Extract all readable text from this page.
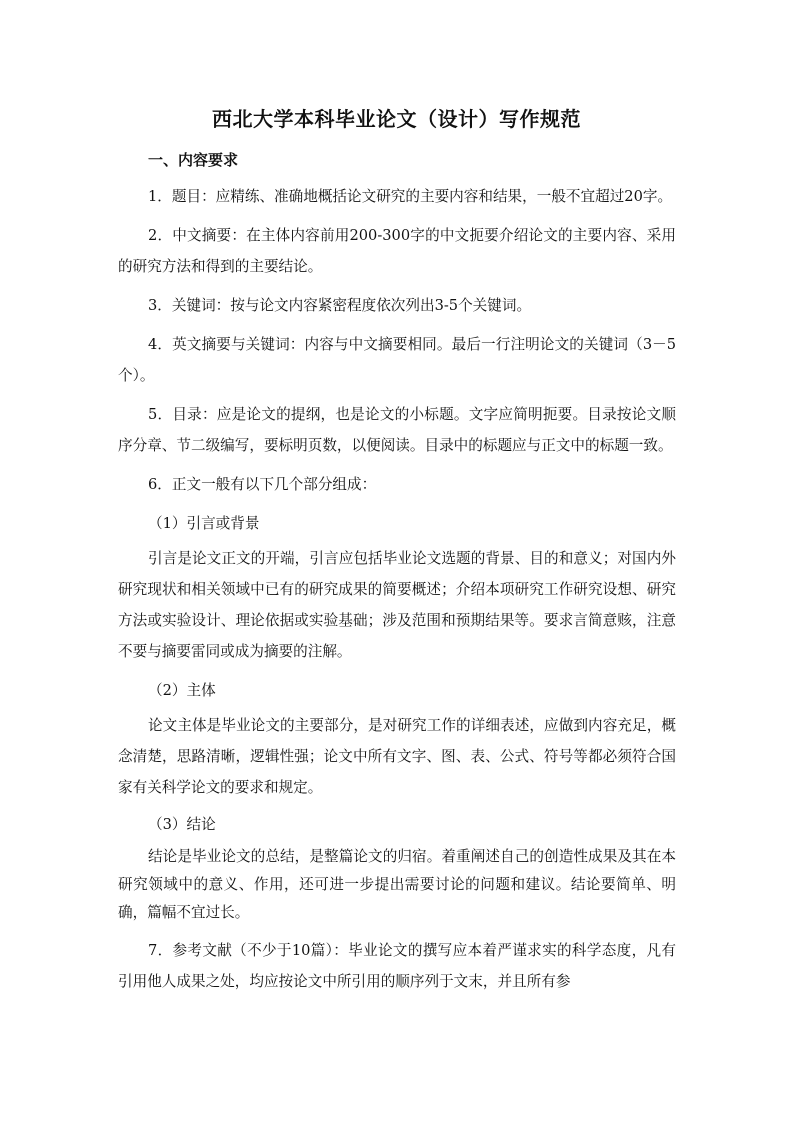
西北大学本科毕业论文（设计）写作规范
一、内容要求

1．题目：应精练、准确地概括论文研究的主要内容和结果，一般不宜超过20字。

2．中文摘要：在主体内容前用200-300字的中文扼要介绍论文的主要内容、采用的研究方法和得到的主要结论。

3．关键词：按与论文内容紧密程度依次列出3-5个关键词。

4．英文摘要与关键词：内容与中文摘要相同。最后一行注明论文的关键词（3－5个）。

5．目录：应是论文的提纲，也是论文的小标题。文字应简明扼要。目录按论文顺序分章、节二级编写，要标明页数，以便阅读。目录中的标题应与正文中的标题一致。

6．正文一般有以下几个部分组成：

（1）引言或背景

引言是论文正文的开端，引言应包括毕业论文选题的背景、目的和意义；对国内外研究现状和相关领域中已有的研究成果的简要概述；介绍本项研究工作研究设想、研究方法或实验设计、理论依据或实验基础；涉及范围和预期结果等。要求言简意赅，注意不要与摘要雷同或成为摘要的注解。

（2）主体

论文主体是毕业论文的主要部分，是对研究工作的详细表述，应做到内容充足，概念清楚，思路清晰，逻辑性强；论文中所有文字、图、表、公式、符号等都必须符合国家有关科学论文的要求和规定。

（3）结论

结论是毕业论文的总结，是整篇论文的归宿。着重阐述自己的创造性成果及其在本研究领域中的意义、作用，还可进一步提出需要讨论的问题和建议。结论要简单、明确，篇幅不宜过长。

7．参考文献（不少于10篇）：毕业论文的撰写应本着严谨求实的科学态度，凡有引用他人成果之处，均应按论文中所引用的顺序列于文末，并且所有参
